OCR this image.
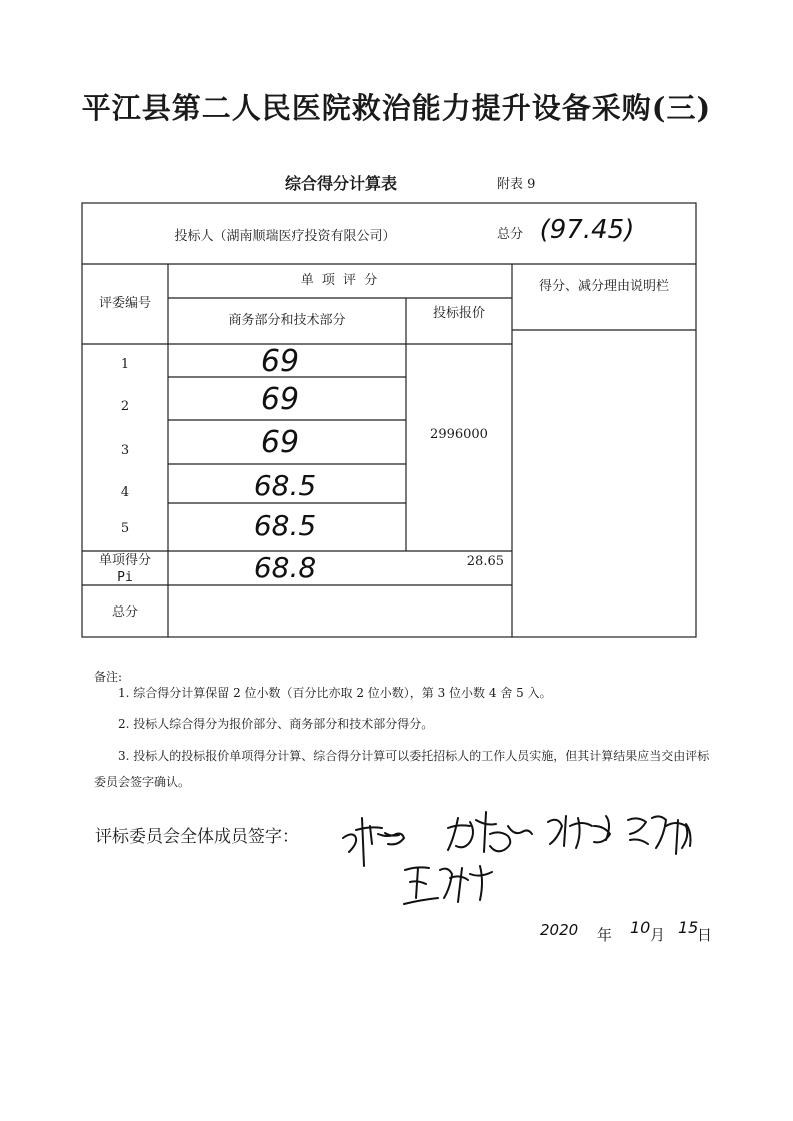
平江县第二人民医院救治能力提升设备采购(三)
综合得分计算表	附表 9
投标人（湖南顺瑞医疗投资有限公司）	总分 (97.45)
评委编号
单 项 评 分
商务部分和技术部分	投标报价
得分、减分理由说明栏
1	69
2	69
3	69
4	68.5
5	68.5
2996000
单项得分
Pi	68.8	28.65
总分
备注:
1. 综合得分计算保留 2 位小数（百分比亦取 2 位小数），第 3 位小数 4 舍 5 入。
2. 投标人综合得分为报价部分、商务部分和技术部分得分。
3. 投标人的投标报价单项得分计算、综合得分计算可以委托招标人的工作人员实施，但其计算结果应当交由评标
委员会签字确认。
评标委员会全体成员签字：
2020 年 10 月 15
日
